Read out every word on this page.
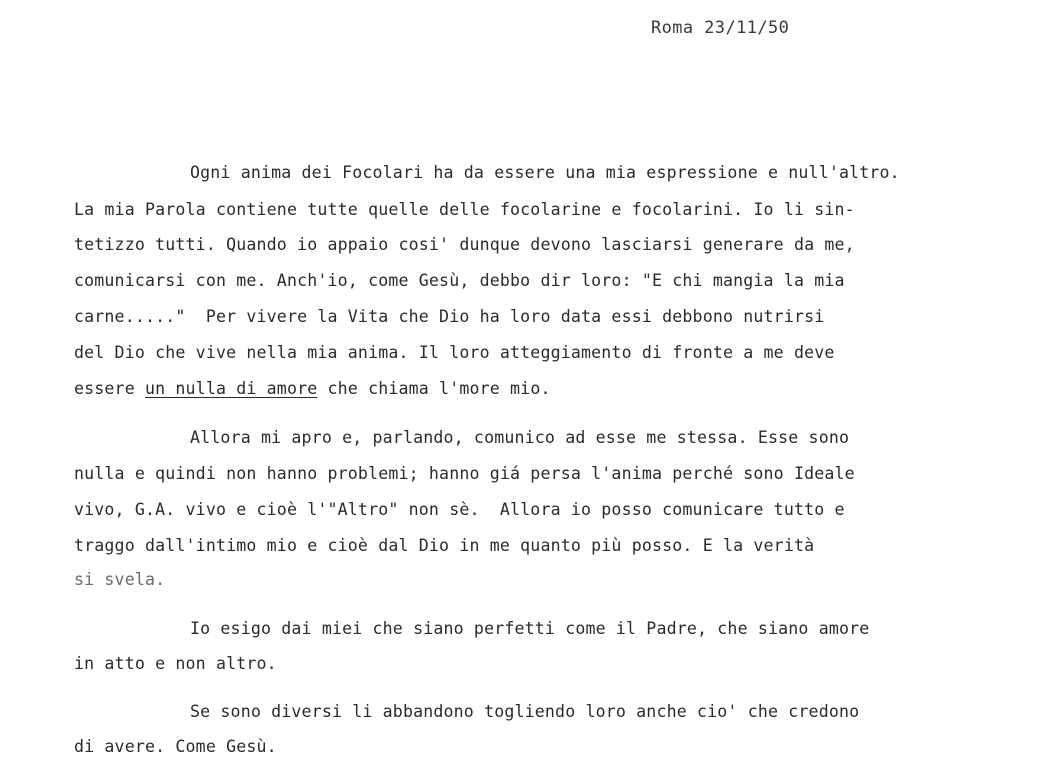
Roma 23/11/50
Ogni anima dei Focolari ha da essere una mia espressione e null'altro.
La mia Parola contiene tutte quelle delle focolarine e focolarini. Io li sin-
tetizzo tutti. Quando io appaio cosi' dunque devono lasciarsi generare da me,
comunicarsi con me. Anch'io, come Gesù, debbo dir loro: "E chi mangia la mia
carne....."  Per vivere la Vita che Dio ha loro data essi debbono nutrirsi
del Dio che vive nella mia anima. Il loro atteggiamento di fronte a me deve
essere un nulla di amore che chiama l'more mio.
Allora mi apro e, parlando, comunico ad esse me stessa. Esse sono
nulla e quindi non hanno problemi; hanno giá persa l'anima perché sono Ideale
vivo, G.A. vivo e cioè l'"Altro" non sè.  Allora io posso comunicare tutto e
traggo dall'intimo mio e cioè dal Dio in me quanto più posso. E la verità
si svela.
Io esigo dai miei che siano perfetti come il Padre, che siano amore
in atto e non altro.
Se sono diversi li abbandono togliendo loro anche cio' che credono
di avere. Come Gesù.
